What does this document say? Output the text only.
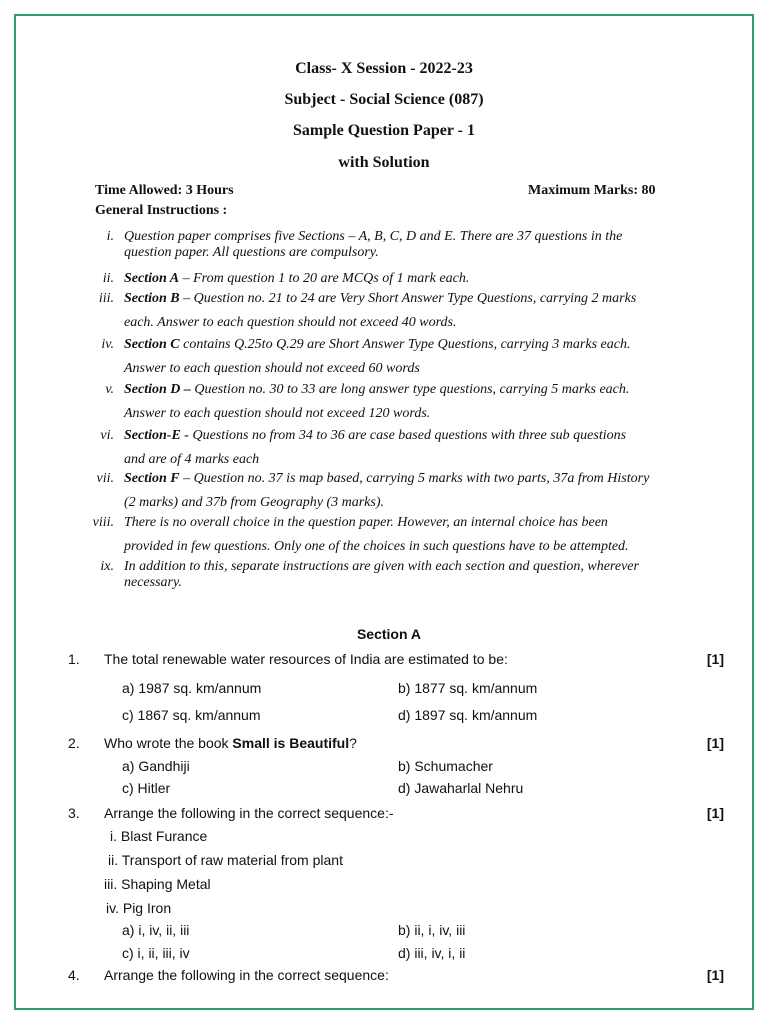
Class- X Session - 2022-23
Subject - Social Science (087)
Sample Question Paper - 1
with Solution
Time Allowed: 3 Hours	Maximum Marks: 80
General Instructions :
i. Question paper comprises five Sections – A, B, C, D and E. There are 37 questions in the
question paper. All questions are compulsory.
ii. Section A – From question 1 to 20 are MCQs of 1 mark each.
iii. Section B – Question no. 21 to 24 are Very Short Answer Type Questions, carrying 2 marks
each. Answer to each question should not exceed 40 words.
iv. Section C contains Q.25to Q.29 are Short Answer Type Questions, carrying 3 marks each.
Answer to each question should not exceed 60 words
v. Section D – Question no. 30 to 33 are long answer type questions, carrying 5 marks each.
Answer to each question should not exceed 120 words.
vi. Section-E - Questions no from 34 to 36 are case based questions with three sub questions
and are of 4 marks each
vii. Section F – Question no. 37 is map based, carrying 5 marks with two parts, 37a from History
(2 marks) and 37b from Geography (3 marks).
viii. There is no overall choice in the question paper. However, an internal choice has been
provided in few questions. Only one of the choices in such questions have to be attempted.
ix. In addition to this, separate instructions are given with each section and question, wherever
necessary.
Section A
1. The total renewable water resources of India are estimated to be:	[1]
a) 1987 sq. km/annum	b) 1877 sq. km/annum
c) 1867 sq. km/annum	d) 1897 sq. km/annum
2. Who wrote the book Small is Beautiful?	[1]
a) Gandhiji	b) Schumacher
c) Hitler	d) Jawaharlal Nehru
3. Arrange the following in the correct sequence:-	[1]
i. Blast Furance
ii. Transport of raw material from plant
iii. Shaping Metal
iv. Pig Iron
a) i, iv, ii, iii	b) ii, i, iv, iii
c) i, ii, iii, iv	d) iii, iv, i, ii
4. Arrange the following in the correct sequence:	[1]
